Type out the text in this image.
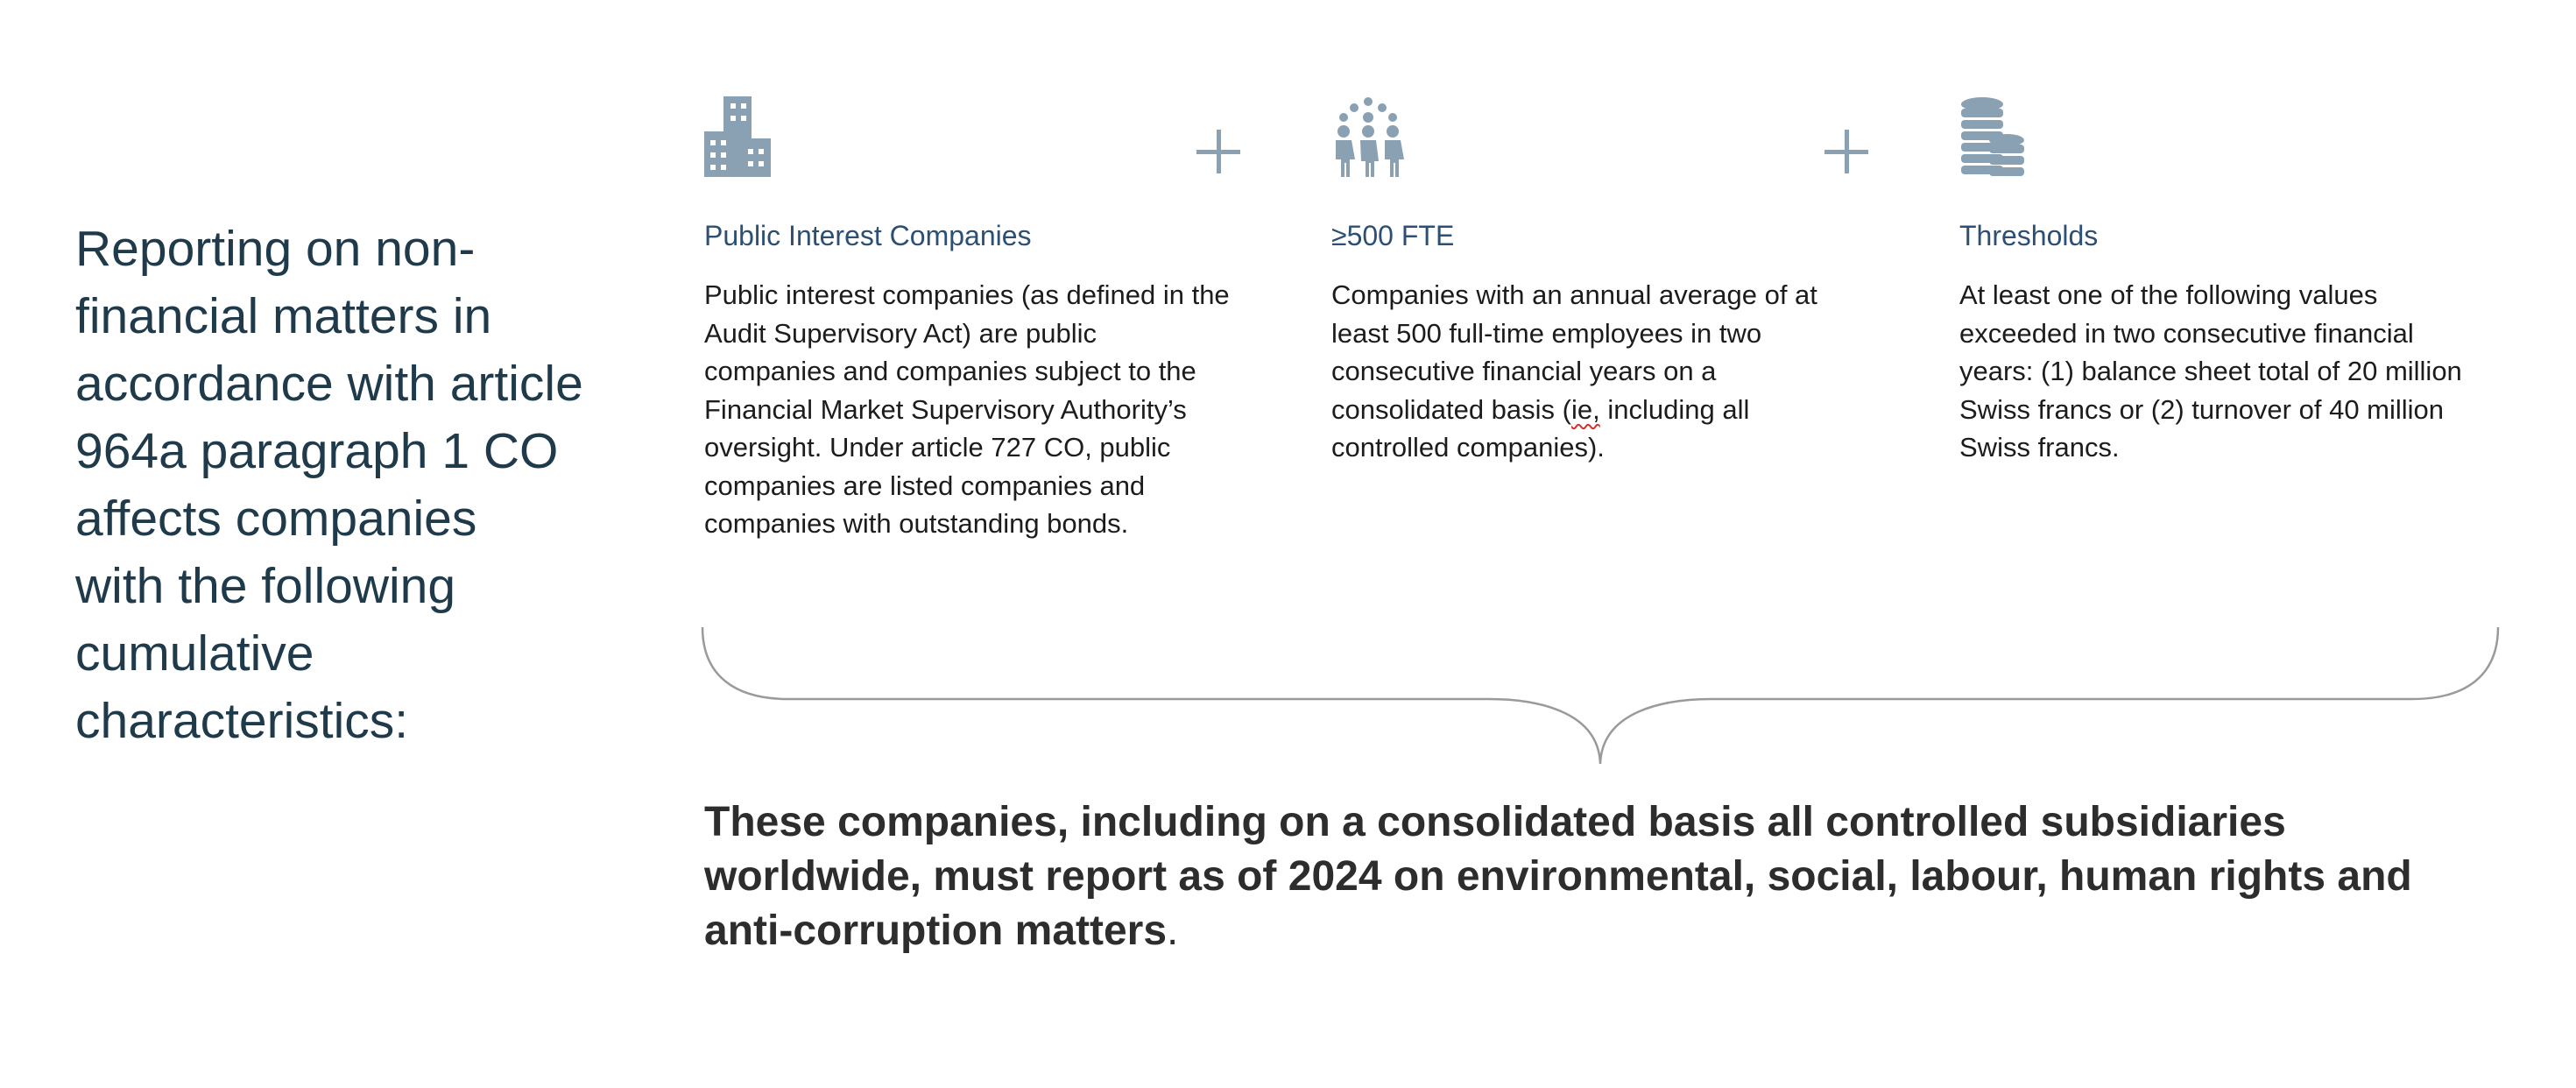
Reporting on non-
financial matters in
accordance with article
964a paragraph 1 CO
affects companies
with the following
cumulative
characteristics:

Public Interest Companies

Public interest companies (as defined in the Audit Supervisory Act) are public companies and companies subject to the Financial Market Supervisory Authority’s oversight. Under article 727 CO, public companies are listed companies and companies with outstanding bonds.

≥500 FTE

Companies with an annual average of at least 500 full-time employees in two consecutive financial years on a consolidated basis (ie, including all controlled companies).

Thresholds

At least one of the following values exceeded in two consecutive financial years: (1) balance sheet total of 20 million Swiss francs or (2) turnover of 40 million Swiss francs.

These companies, including on a consolidated basis all controlled subsidiaries worldwide, must report as of 2024 on environmental, social, labour, human rights and anti-corruption matters.
